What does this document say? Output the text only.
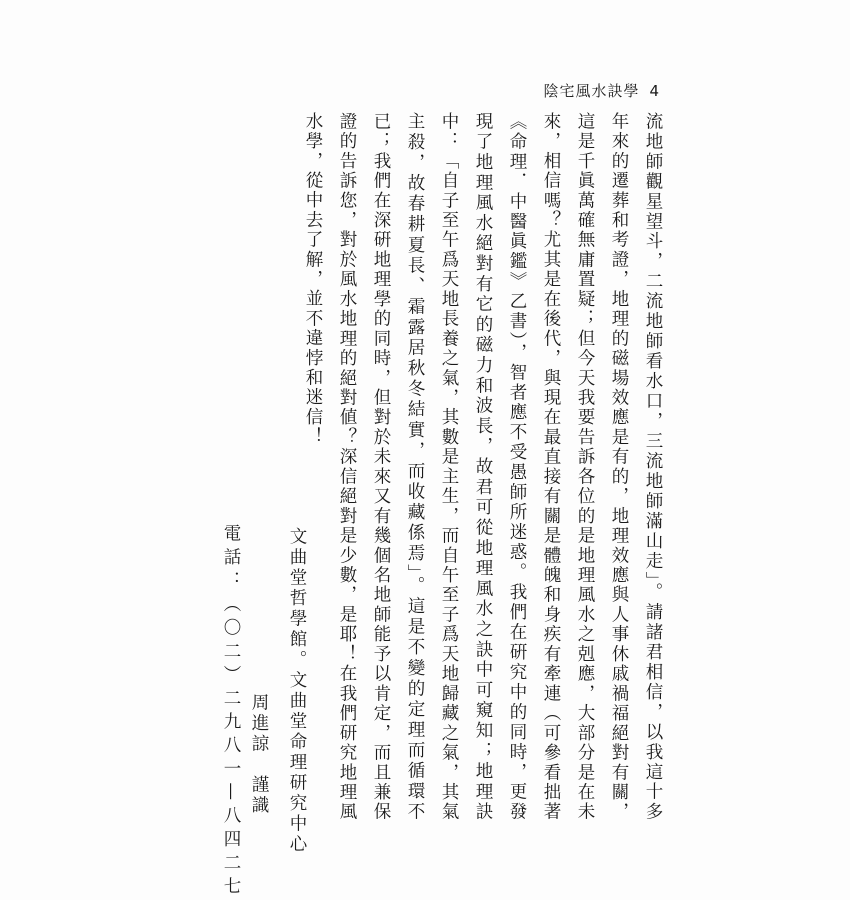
陰宅風水訣學 4

流地師觀星望斗，二流地師看水口，三流地師滿山走」。請諸君相信，以我這十多年來的遷葬和考證，地理的磁場效應是有的，地理效應與人事休戚禍福絕對有關，這是千眞萬確無庸置疑；但今天我要告訴各位的是地理風水之剋應，大部分是在未來，相信嗎？尤其是在後代，與現在最直接有關是體魄和身疾有牽連（可參看拙著《命理．中醫眞鑑》乙書），智者應不受愚師所迷惑。我們在硏究中的同時，更發現了地理風水絕對有它的磁力和波長，故君可從地理風水之訣中可窺知；地理訣中：「自子至午爲天地長養之氣，其數是主生，而自午至子爲天地歸藏之氣，其氣主殺，故春耕夏長、霜露居秋冬結實，而收藏係焉」。這是不變的定理而循環不已；我們在深硏地理學的同時，但對於未來又有幾個名地師能予以肯定，而且兼保證的告訴您，對於風水地理的絕對値？深信絕對是少數，是耶！在我們研究地理風水學，從中去了解，並不違悖和迷信！

文曲堂哲學館。文曲堂命理研究中心
周進諒　謹識
電話：（〇二）二九八一—八四二七
